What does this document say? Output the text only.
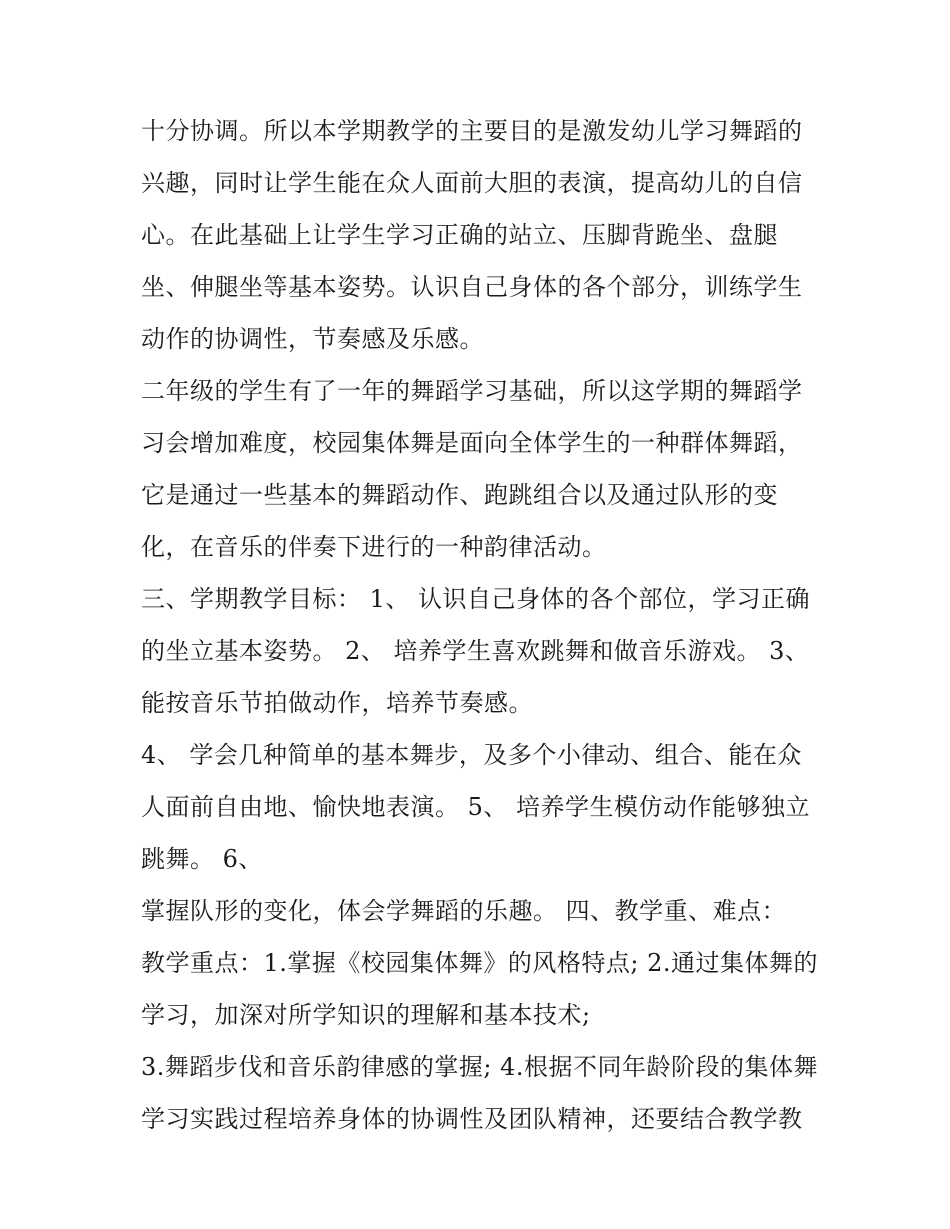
十分协调。所以本学期教学的主要目的是激发幼儿学习舞蹈的
兴趣，同时让学生能在众人面前大胆的表演，提高幼儿的自信
心。在此基础上让学生学习正确的站立、压脚背跪坐、盘腿
坐、伸腿坐等基本姿势。认识自己身体的各个部分，训练学生
动作的协调性，节奏感及乐感。
二年级的学生有了一年的舞蹈学习基础，所以这学期的舞蹈学
习会增加难度，校园集体舞是面向全体学生的一种群体舞蹈，
它是通过一些基本的舞蹈动作、跑跳组合以及通过队形的变
化，在音乐的伴奏下进行的一种韵律活动。
三、学期教学目标： 1、 认识自己身体的各个部位，学习正确
的坐立基本姿势。 2、 培养学生喜欢跳舞和做音乐游戏。 3、
能按音乐节拍做动作，培养节奏感。
4、 学会几种简单的基本舞步，及多个小律动、组合、能在众
人面前自由地、愉快地表演。 5、 培养学生模仿动作能够独立
跳舞。 6、
掌握队形的变化，体会学舞蹈的乐趣。 四、教学重、难点：
教学重点：1.掌握《校园集体舞》的风格特点; 2.通过集体舞的
学习，加深对所学知识的理解和基本技术;
3.舞蹈步伐和音乐韵律感的掌握; 4.根据不同年龄阶段的集体舞
学习实践过程培养身体的协调性及团队精神，还要结合教学教
